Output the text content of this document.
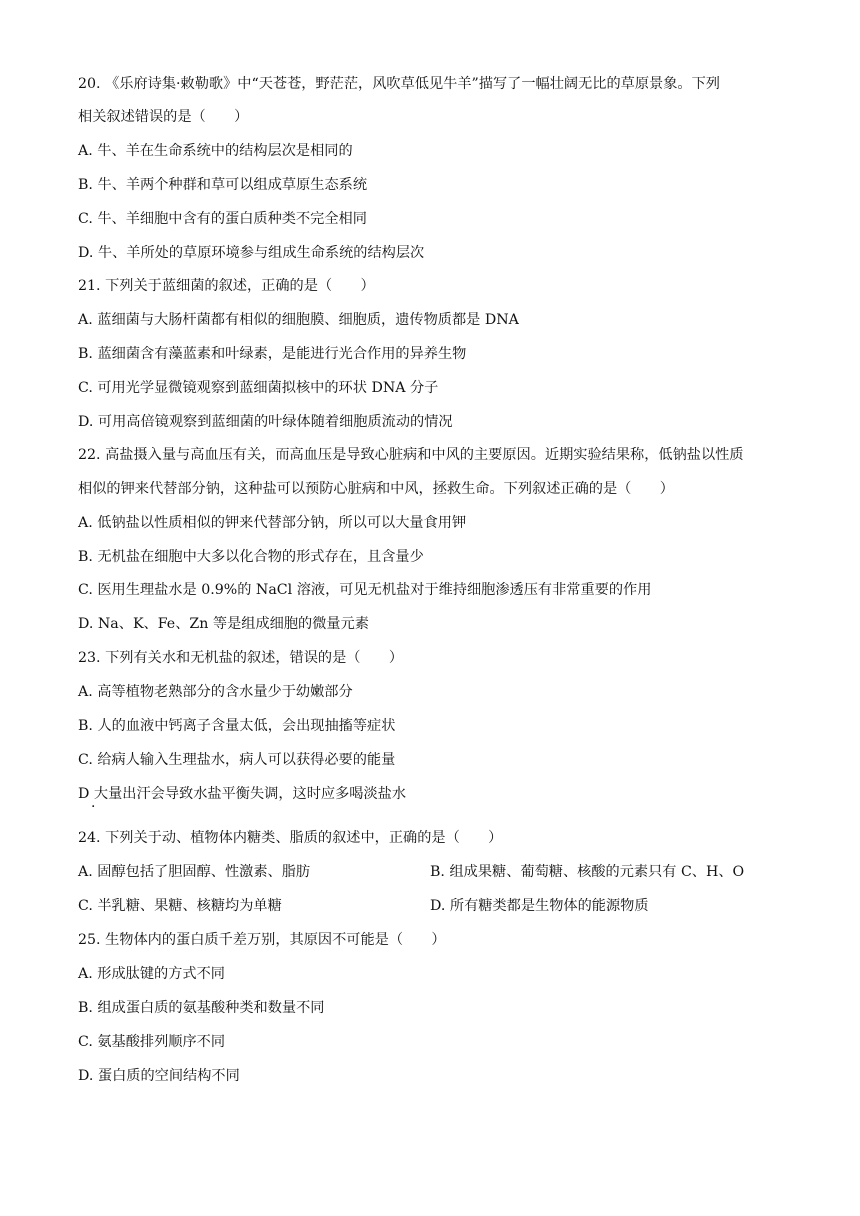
20. 《乐府诗集·敕勒歌》中“天苍苍，野茫茫，风吹草低见牛羊”描写了一幅壮阔无比的草原景象。下列
相关叙述错误的是（　　）
A. 牛、羊在生命系统中的结构层次是相同的
B. 牛、羊两个种群和草可以组成草原生态系统
C. 牛、羊细胞中含有的蛋白质种类不完全相同
D. 牛、羊所处的草原环境参与组成生命系统的结构层次
21. 下列关于蓝细菌的叙述，正确的是（　　）
A. 蓝细菌与大肠杆菌都有相似的细胞膜、细胞质，遗传物质都是 DNA
B. 蓝细菌含有藻蓝素和叶绿素，是能进行光合作用的异养生物
C. 可用光学显微镜观察到蓝细菌拟核中的环状 DNA 分子
D. 可用高倍镜观察到蓝细菌的叶绿体随着细胞质流动的情况
22. 高盐摄入量与高血压有关，而高血压是导致心脏病和中风的主要原因。近期实验结果称，低钠盐以性质
相似的钾来代替部分钠，这种盐可以预防心脏病和中风，拯救生命。下列叙述正确的是（　　）
A. 低钠盐以性质相似的钾来代替部分钠，所以可以大量食用钾
B. 无机盐在细胞中大多以化合物的形式存在，且含量少
C. 医用生理盐水是 0.9%的 NaCl 溶液，可见无机盐对于维持细胞渗透压有非常重要的作用
D. Na、K、Fe、Zn 等是组成细胞的微量元素
23. 下列有关水和无机盐的叙述，错误的是（　　）
A. 高等植物老熟部分的含水量少于幼嫩部分
B. 人的血液中钙离子含量太低，会出现抽搐等症状
C. 给病人输入生理盐水，病人可以获得必要的能量
D 大量出汗会导致水盐平衡失调，这时应多喝淡盐水
·
24. 下列关于动、植物体内糖类、脂质的叙述中，正确的是（　　）
A. 固醇包括了胆固醇、性激素、脂肪	B. 组成果糖、葡萄糖、核酸的元素只有 C、H、O
C. 半乳糖、果糖、核糖均为单糖	D. 所有糖类都是生物体的能源物质
25. 生物体内的蛋白质千差万别，其原因不可能是（　　）
A. 形成肽键的方式不同
B. 组成蛋白质的氨基酸种类和数量不同
C. 氨基酸排列顺序不同
D. 蛋白质的空间结构不同
